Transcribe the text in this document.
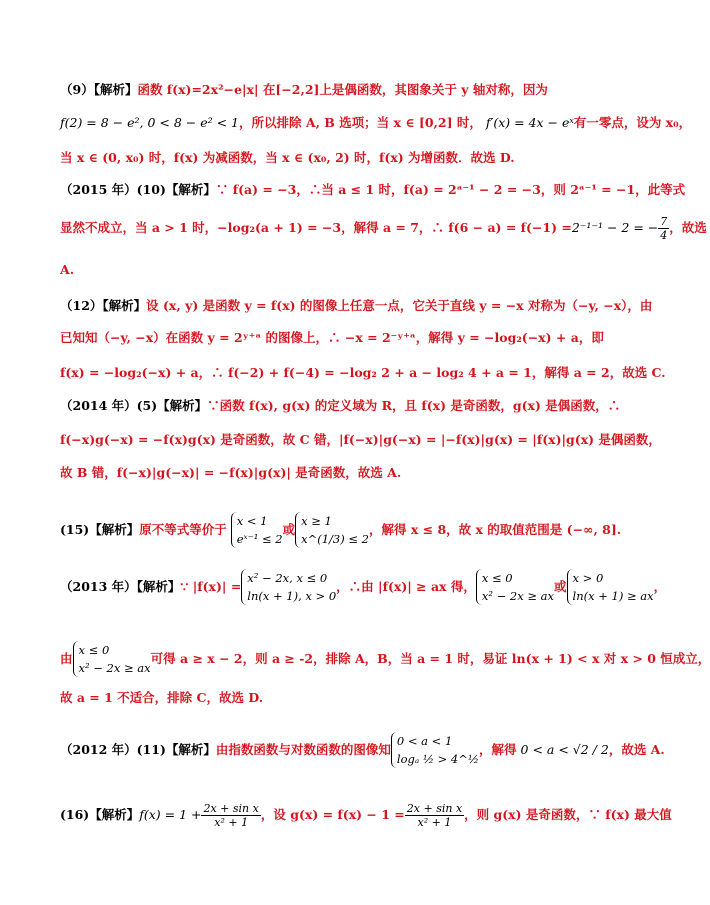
（9）【解析】函数 f(x)=2x²−e|x| 在[−2,2]上是偶函数，其图象关于 y 轴对称，因为
f(2) = 8 − e², 0 < 8 − e² < 1，所以排除 A, B 选项；当 x ∈ [0,2] 时， f′(x) = 4x − eˣ有一零点，设为 x₀，
当 x ∈ (0, x₀) 时，f(x) 为减函数，当 x ∈ (x₀, 2) 时，f(x) 为增函数．故选 D.
（2015 年）(10)【解析】∵ f(a) = −3，∴当 a ≤ 1 时，f(a) = 2ᵃ⁻¹ − 2 = −3，则 2ᵃ⁻¹ = −1，此等式
显然不成立，当 a > 1 时，−log₂(a + 1) = −3，解得 a = 7，∴ f(6 − a) = f(−1) =2⁻¹⁻¹ − 2 = − $\frac{7}{4}$ ，故选
A.
（12）【解析】设 (x, y) 是函数 y = f(x) 的图像上任意一点，它关于直线 y = −x 对称为（−y, −x），由
已知知（−y, −x）在函数 y = 2ʸ⁺ᵃ 的图像上，∴ −x = 2⁻ʸ⁺ᵃ，解得 y = −log₂(−x) + a，即
f(x) = −log₂(−x) + a，∴ f(−2) + f(−4) = −log₂ 2 + a − log₂ 4 + a = 1，解得 a = 2，故选 C.
（2014 年）(5)【解析】∵函数 f(x), g(x) 的定义域为 R，且 f(x) 是奇函数，g(x) 是偶函数，∴
f(−x)g(−x) = −f(x)g(x) 是奇函数，故 C 错，|f(−x)|g(−x) = |−f(x)|g(x) = |f(x)|g(x) 是偶函数，
故 B 错，f(−x)|g(−x)| = −f(x)|g(x)| 是奇函数，故选 A.
(15)【解析】 原不等式等价于

x < 1
eˣ⁻¹ ≤ 2
或
x ≥ 1
x^(1/3) ≤ 2
，解得 x ≤ 8，故 x 的取值范围是 (−∞, 8].
（2013 年）【解析】 ∵ |f(x)| =
x² − 2x, x ≤ 0
ln(x + 1), x > 0
，∴由 |f(x)| ≥ ax 得，
x ≤ 0
x² − 2x ≥ ax
或
x > 0
ln(x + 1) ≥ ax
，
由
x ≤ 0
x² − 2x ≥ ax
可得 a ≥ x − 2，则 a ≥ -2，排除 A，B，当 a = 1 时，易证 ln(x + 1) < x 对 x > 0 恒成立，
故 a = 1 不适合，排除 C，故选 D.
（2012 年）(11)【解析】 由指数函数与对数函数的图像知
0 < a < 1
logₐ ½ > 4^½
，解得
0 < a < √2 / 2 ，故选 A.
(16)【解析】 $f(x) = 1 + \frac{\text{2x + sin x}}{\text{x² + 1}}$ ，设 $g(x) = f(x) - 1 = \frac{\text{2x + sin x}}{\text{x² + 1}}$ ，则 g(x) 是奇函数，∵ f(x) 最大值
